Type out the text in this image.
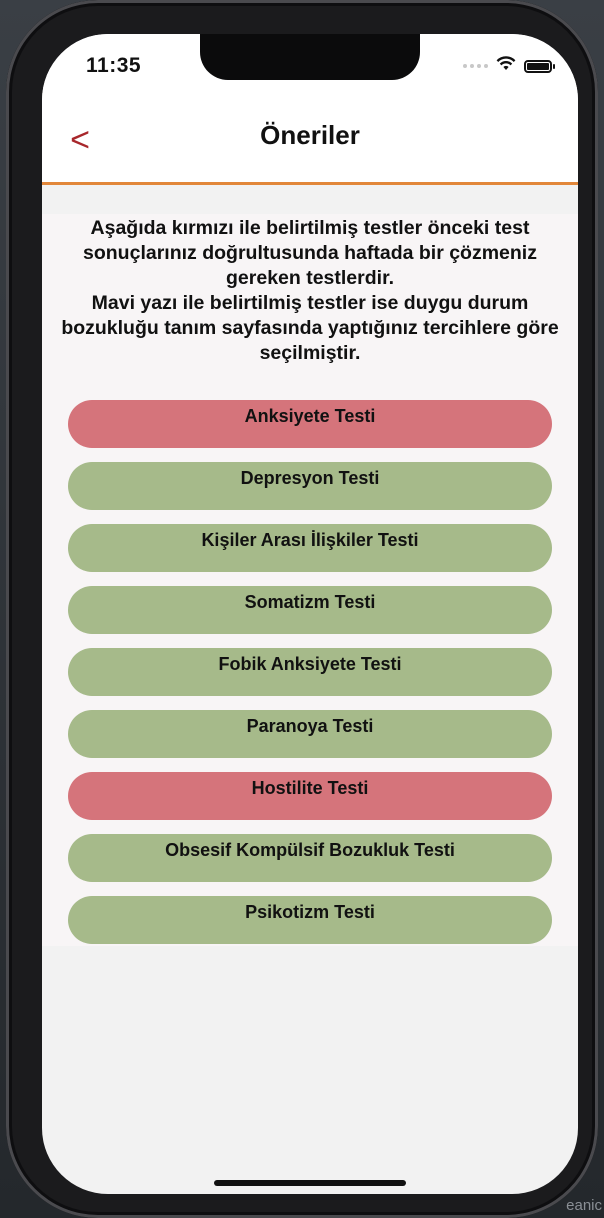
eanic
11:35
<	Öneriler

Aşağıda kırmızı ile belirtilmiş testler önceki test sonuçlarınız doğrultusunda haftada bir çözmeniz gereken testlerdir.

Mavi yazı ile belirtilmiş testler ise duygu durum bozukluğu tanım sayfasında yaptığınız tercihlere göre seçilmiştir.

Anksiyete Testi
Depresyon Testi
Kişiler Arası İlişkiler Testi
Somatizm Testi
Fobik Anksiyete Testi
Paranoya Testi
Hostilite Testi
Obsesif Kompülsif Bozukluk Testi
Psikotizm Testi
